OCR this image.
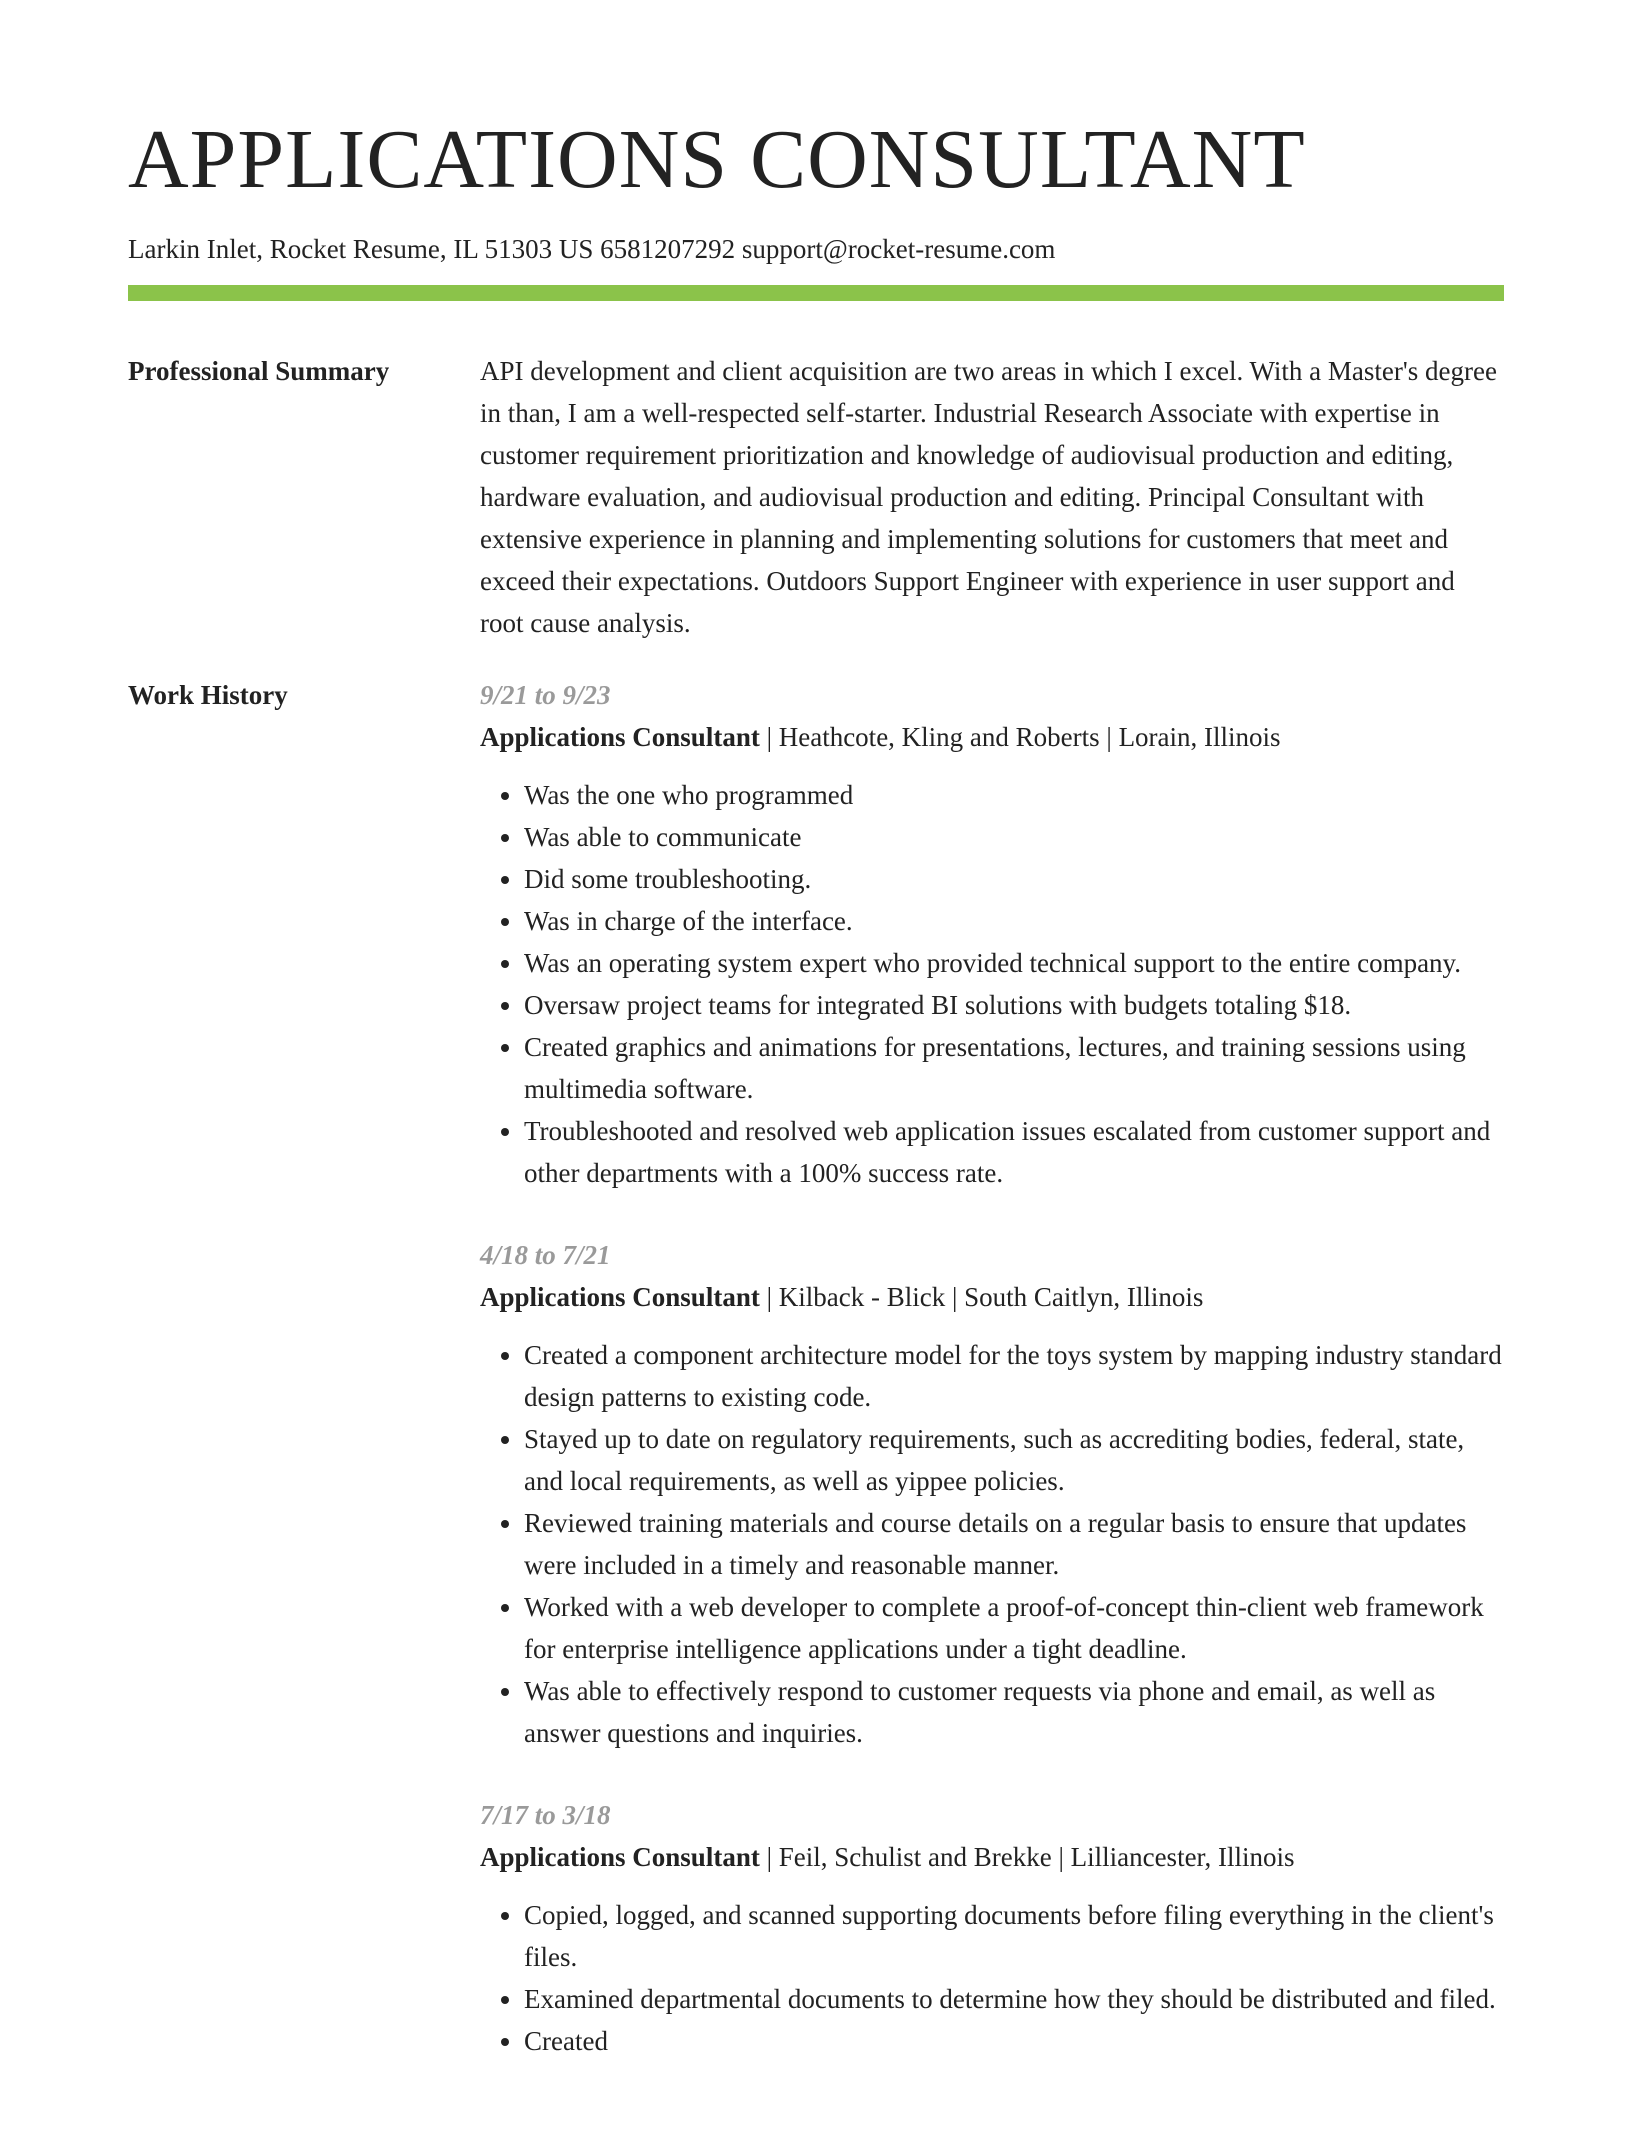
APPLICATIONS CONSULTANT
Larkin Inlet, Rocket Resume, IL 51303 US 6581207292 support@rocket-resume.com
Professional Summary	API development and client acquisition are two areas in which I excel. With a Master's degree in than, I am a well-respected self-starter. Industrial Research Associate with expertise in customer requirement prioritization and knowledge of audiovisual production and editing, hardware evaluation, and audiovisual production and editing. Principal Consultant with extensive experience in planning and implementing solutions for customers that meet and exceed their expectations. Outdoors Support Engineer with experience in user support and root cause analysis.

Work History	9/21 to 9/23
Applications Consultant | Heathcote, Kling and Roberts | Lorain, Illinois
• Was the one who programmed
• Was able to communicate
• Did some troubleshooting.
• Was in charge of the interface.
• Was an operating system expert who provided technical support to the entire company.
• Oversaw project teams for integrated BI solutions with budgets totaling $18.
• Created graphics and animations for presentations, lectures, and training sessions using multimedia software.
• Troubleshooted and resolved web application issues escalated from customer support and other departments with a 100% success rate.
4/18 to 7/21
Applications Consultant | Kilback - Blick | South Caitlyn, Illinois
• Created a component architecture model for the toys system by mapping industry standard design patterns to existing code.
• Stayed up to date on regulatory requirements, such as accrediting bodies, federal, state, and local requirements, as well as yippee policies.
• Reviewed training materials and course details on a regular basis to ensure that updates were included in a timely and reasonable manner.
• Worked with a web developer to complete a proof-of-concept thin-client web framework for enterprise intelligence applications under a tight deadline.
• Was able to effectively respond to customer requests via phone and email, as well as answer questions and inquiries.
7/17 to 3/18
Applications Consultant | Feil, Schulist and Brekke | Lilliancester, Illinois
• Copied, logged, and scanned supporting documents before filing everything in the client's files.
• Examined departmental documents to determine how they should be distributed and filed.
• Created
